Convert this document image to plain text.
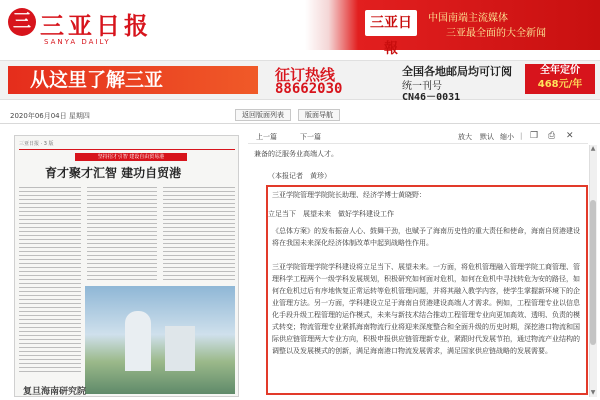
三 三亚日报
SANYA DAILY
三亚日報
中国南端主流媒体
三亚最全面的大全新闻
从这里了解三亚	征订热线
88662030
全国各地邮局均可订阅
统一刊号
CN46－0031
全年定价
468元/年
2020年06月04日 星期四	返回版面列表	版面导航
三亚日报 · 3 版
坚持招才引智 建设自由贸易港
育才聚才汇智 建功自贸港
复旦海南研究院
上一篇	下一篇	放大 默认 缩小 | ❒ ⎙	✕
兼备的泛服务业高端人才。
（本报记者　黄珍）
三亚学院管理学院院长助理、经济学博士黄晓野：
立足当下　展望未来　做好学科建设工作
《总体方案》的发布振奋人心、鼓舞干劲，也赋予了海南历史性的重大责任和使命，海南自贸港建设将在我国未来深化经济体制改革中起到战略性作用。
三亚学院管理学院学科建设将立足当下、展望未来。一方面，将危机管理融入管理学院工商管理、管理科学工程两个一级学科发展规划，积极研究如何面对危机，如何在危机中寻找转危为安的路径，如何在危机过后有序地恢复正常运转等危机管理问题，并将其融入教学内容，使学生掌握新环境下的企业管理方法。另一方面，学科建设立足于海南自贸港建设高端人才需求。例如，工程管理专业以信息化手段升级工程管理的运作模式，未来与新技术结合推动工程管理专业向更加高效、透明、负责的模式转变；物流管理专业紧抓海南物流行业将迎来深度整合和全面升级的历史时期，深挖港口物流和国际供应链管理两大专业方向，积极申报供应链管理新专业，紧跟时代发展节拍，通过物流产业结构的调整以及发展模式的创新，满足海南港口物流发展需求，满足国家供应链战略的发展需要。
▲
▼
